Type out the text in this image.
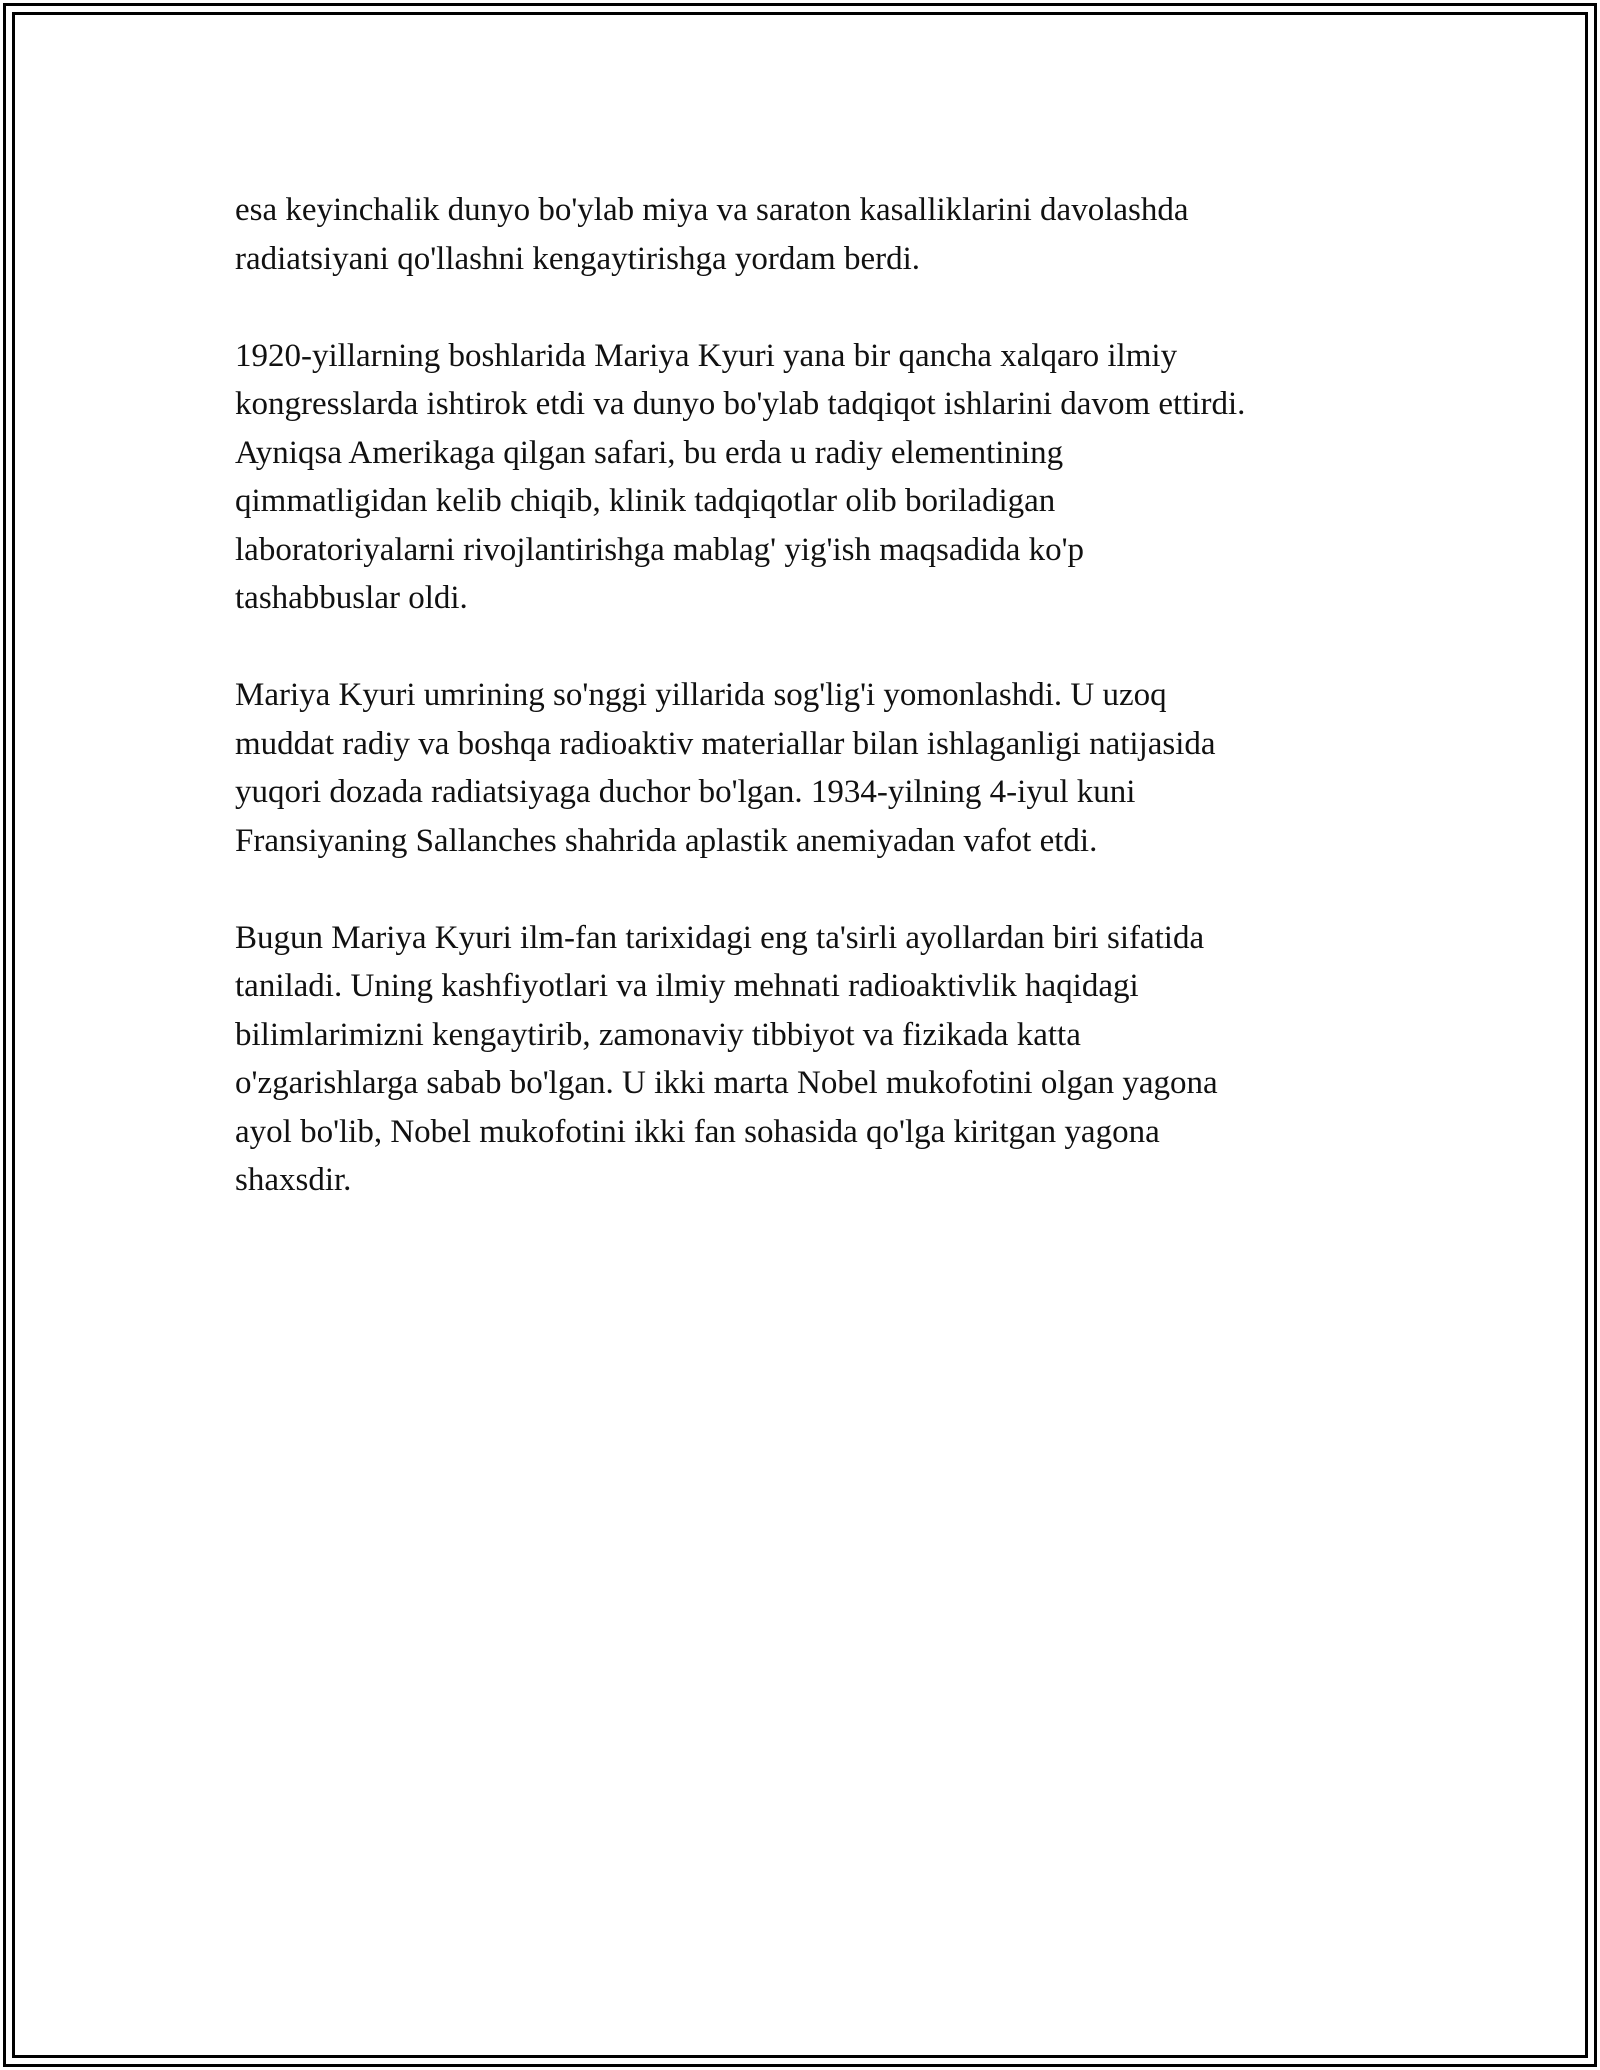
esa keyinchalik dunyo bo'ylab miya va saraton kasalliklarini davolashda
radiatsiyani qo'llashni kengaytirishga yordam berdi.

1920-yillarning boshlarida Mariya Kyuri yana bir qancha xalqaro ilmiy
kongresslarda ishtirok etdi va dunyo bo'ylab tadqiqot ishlarini davom ettirdi.
Ayniqsa Amerikaga qilgan safari, bu erda u radiy elementining
qimmatligidan kelib chiqib, klinik tadqiqotlar olib boriladigan
laboratoriyalarni rivojlantirishga mablag' yig'ish maqsadida ko'p
tashabbuslar oldi.

Mariya Kyuri umrining so'nggi yillarida sog'lig'i yomonlashdi. U uzoq
muddat radiy va boshqa radioaktiv materiallar bilan ishlaganligi natijasida
yuqori dozada radiatsiyaga duchor bo'lgan. 1934-yilning 4-iyul kuni
Fransiyaning Sallanches shahrida aplastik anemiyadan vafot etdi.

Bugun Mariya Kyuri ilm-fan tarixidagi eng ta'sirli ayollardan biri sifatida
taniladi. Uning kashfiyotlari va ilmiy mehnati radioaktivlik haqidagi
bilimlarimizni kengaytirib, zamonaviy tibbiyot va fizikada katta
o'zgarishlarga sabab bo'lgan. U ikki marta Nobel mukofotini olgan yagona
ayol bo'lib, Nobel mukofotini ikki fan sohasida qo'lga kiritgan yagona
shaxsdir.
